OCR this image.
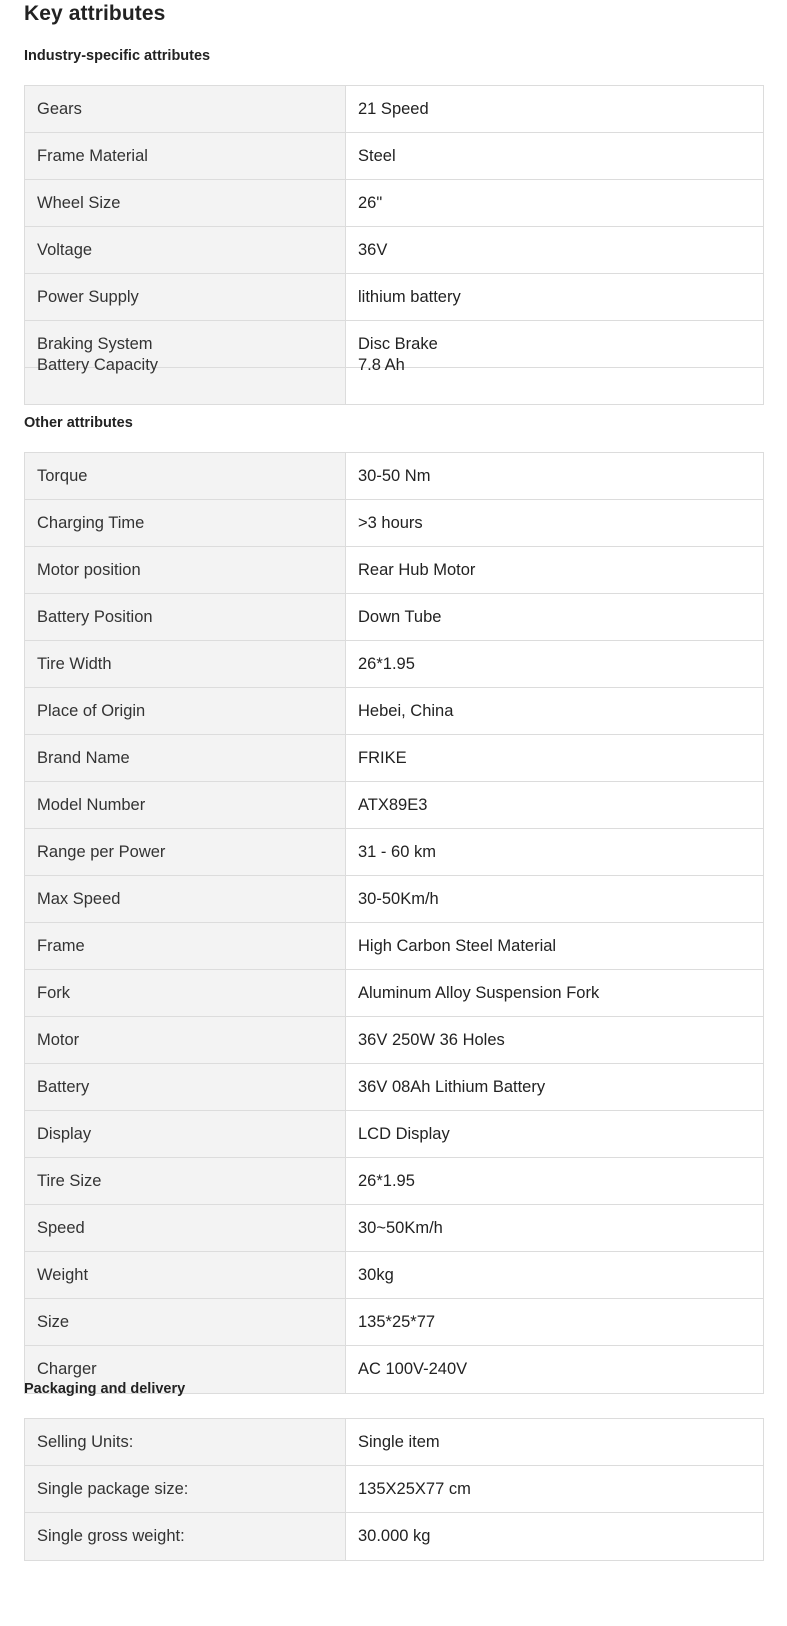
Key attributes
Industry-specific attributes
Gears	21 Speed
Frame Material	Steel
Wheel Size	26"
Voltage	36V
Power Supply	lithium battery
Braking System	Disc Brake
Battery Capacity	7.8 Ah
Other attributes
Torque	30-50 Nm
Charging Time	>3 hours
Motor position	Rear Hub Motor
Battery Position	Down Tube
Tire Width	26*1.95
Place of Origin	Hebei, China
Brand Name	FRIKE
Model Number	ATX89E3
Range per Power	31 - 60 km
Max Speed	30-50Km/h
Frame	High Carbon Steel Material
Fork	Aluminum Alloy Suspension Fork
Motor	36V 250W 36 Holes
Battery	36V 08Ah Lithium Battery
Display	LCD Display
Tire Size	26*1.95
Speed	30~50Km/h
Weight	30kg
Size	135*25*77
Charger	AC 100V-240V
Packaging and delivery
Selling Units:	Single item
Single package size:	135X25X77 cm
Single gross weight:	30.000 kg
